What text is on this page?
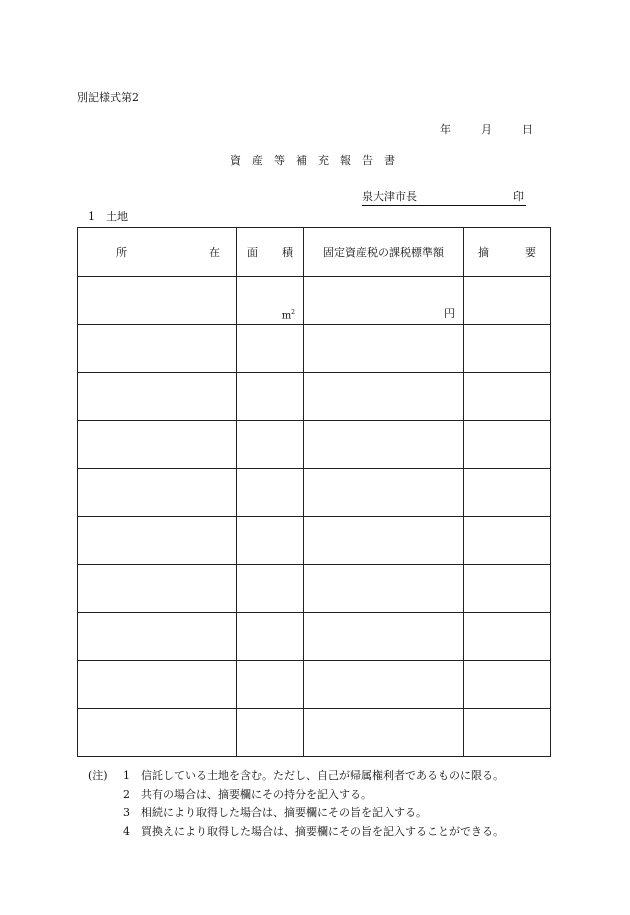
別記様式第2
年	月	日
資産等補充報告書
泉大津市長	印
1　土地
所 在	面 積	固定資産税の課税標準額	摘 要

	$m^2$	円	

(注)	1	信託している土地を含む。ただし、自己が帰属権利者であるものに限る。
2	共有の場合は、摘要欄にその持分を記入する。
3	相続により取得した場合は、摘要欄にその旨を記入する。
4	買換えにより取得した場合は、摘要欄にその旨を記入することができる。
